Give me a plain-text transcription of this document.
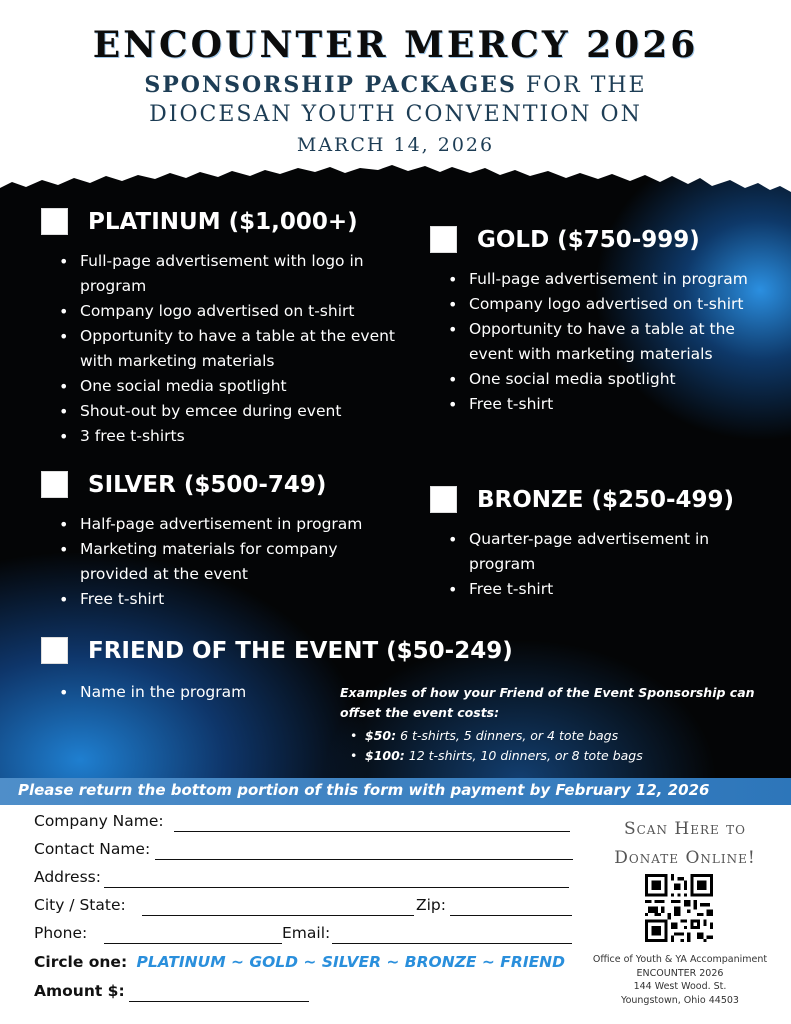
ENCOUNTER MERCY 2026
SPONSORSHIP PACKAGES FOR THE
DIOCESAN YOUTH CONVENTION ON
MARCH 14, 2026
PLATINUM ($1,000+)
• Full-page advertisement with logo in
program
• Company logo advertised on t-shirt
• Opportunity to have a table at the event
with marketing materials
• One social media spotlight
• Shout-out by emcee during event
• 3 free t-shirts
GOLD ($750-999)
• Full-page advertisement in program
• Company logo advertised on t-shirt
• Opportunity to have a table at the
event with marketing materials
• One social media spotlight
• Free t-shirt
SILVER ($500-749)
• Half-page advertisement in program
• Marketing materials for company
provided at the event
• Free t-shirt
BRONZE ($250-499)
• Quarter-page advertisement in
program
• Free t-shirt
FRIEND OF THE EVENT ($50-249)
• Name in the program	Examples of how your Friend of the Event Sponsorship can
offset the event costs:
• $50: 6 t-shirts, 5 dinners, or 4 tote bags
• $100: 12 t-shirts, 10 dinners, or 8 tote bags
Please return the bottom portion of this form with payment by February 12, 2026
Company Name:
Contact Name:
Address:
City / State:	Zip:
Phone:	Email:
Circle one: PLATINUM ~ GOLD ~ SILVER ~ BRONZE ~ FRIEND
Amount $:
Scan Here to
Donate Online!
Office of Youth & YA Accompaniment
ENCOUNTER 2026
144 West Wood. St.
Youngstown, Ohio 44503
